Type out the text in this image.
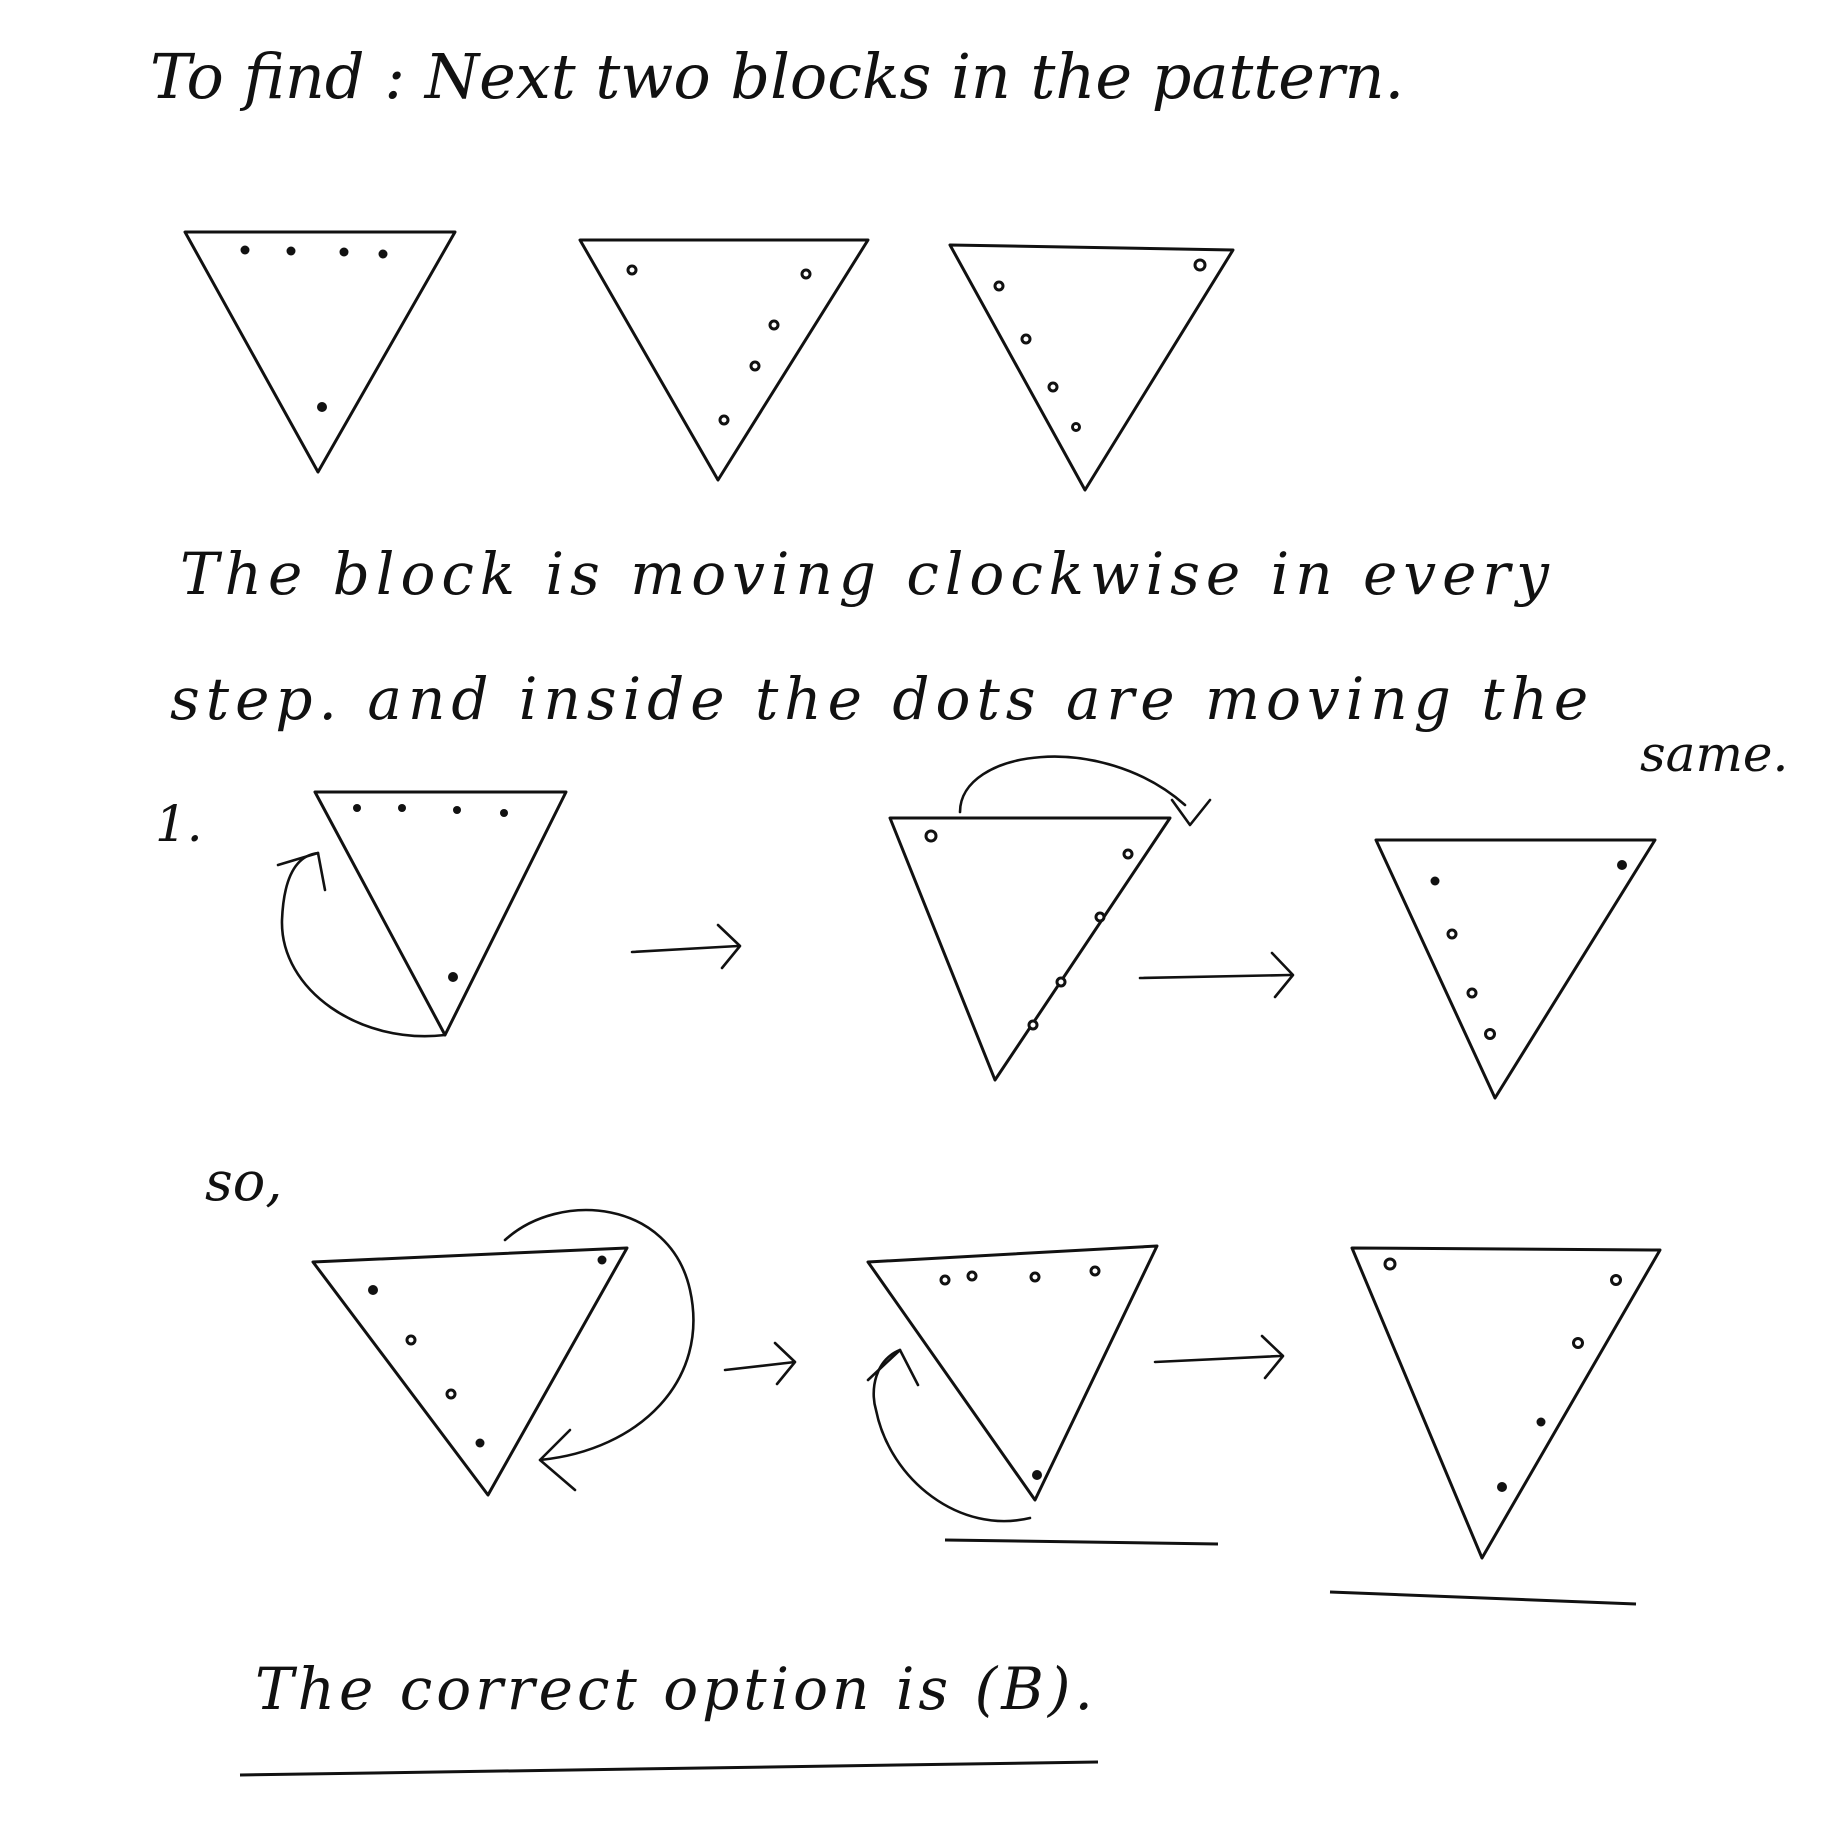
To find : Next two blocks in the pattern.
The block is moving clockwise in every
step. and inside the dots are moving the
same.
1.
so,
The correct option is (B).
